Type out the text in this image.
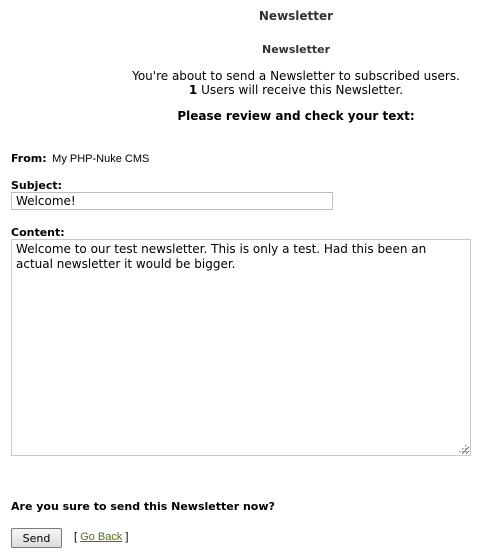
Newsletter
Newsletter
You're about to send a Newsletter to subscribed users.
1 Users will receive this Newsletter.
Please review and check your text:
From: My PHP-Nuke CMS
Subject:
Welcome!
Content:
Welcome to our test newsletter. This is only a test. Had this been an actual newsletter it would be bigger.
Are you sure to send this Newsletter now?
Send	[ Go Back ]
